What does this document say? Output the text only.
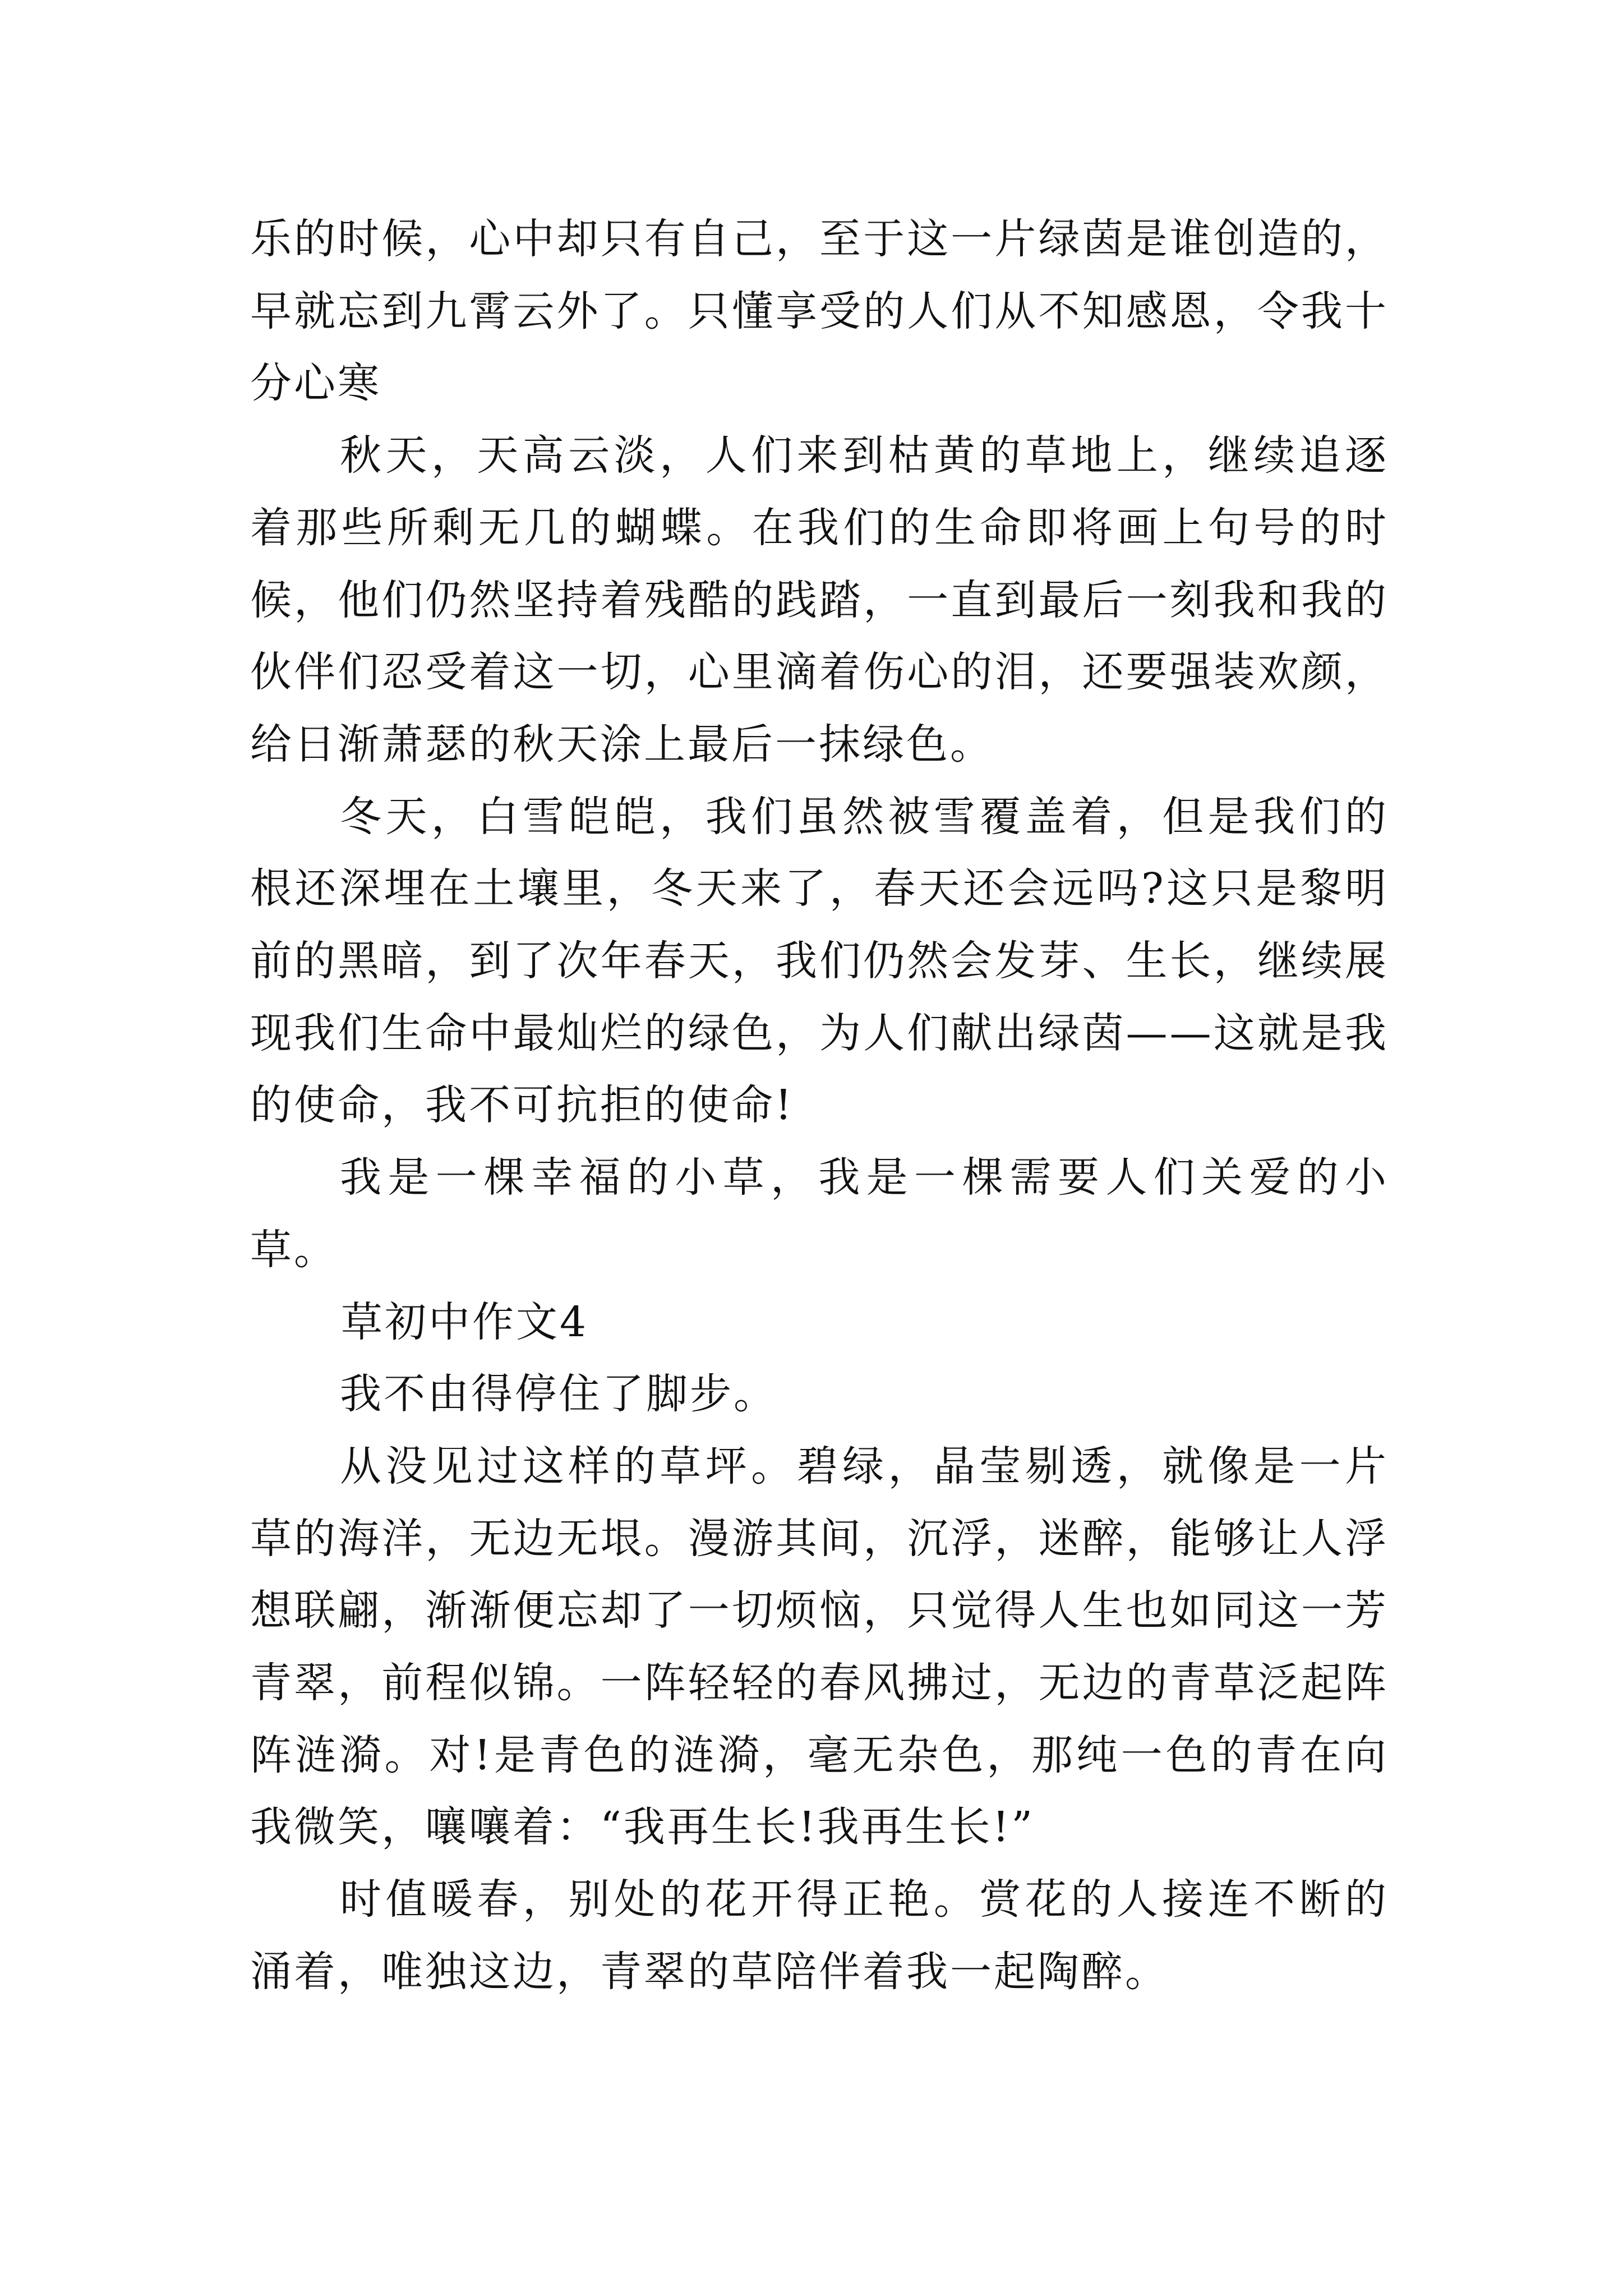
乐的时候，心中却只有自己，至于这一片绿茵是谁创造的，早就忘到九霄云外了。只懂享受的人们从不知感恩，令我十分心寒

秋天，天高云淡，人们来到枯黄的草地上，继续追逐着那些所剩无几的蝴蝶。在我们的生命即将画上句号的时候，他们仍然坚持着残酷的践踏，一直到最后一刻我和我的伙伴们忍受着这一切，心里滴着伤心的泪，还要强装欢颜，给日渐萧瑟的秋天涂上最后一抹绿色。

冬天，白雪皑皑，我们虽然被雪覆盖着，但是我们的根还深埋在土壤里，冬天来了，春天还会远吗?这只是黎明前的黑暗，到了次年春天，我们仍然会发芽、生长，继续展现我们生命中最灿烂的绿色，为人们献出绿茵——这就是我的使命，我不可抗拒的使命!

我是一棵幸福的小草，我是一棵需要人们关爱的小草。

草初中作文4

我不由得停住了脚步。

从没见过这样的草坪。碧绿，晶莹剔透，就像是一片草的海洋，无边无垠。漫游其间，沉浮，迷醉，能够让人浮想联翩，渐渐便忘却了一切烦恼，只觉得人生也如同这一芳青翠，前程似锦。一阵轻轻的春风拂过，无边的青草泛起阵阵涟漪。对!是青色的涟漪，毫无杂色，那纯一色的青在向我微笑，嚷嚷着：“我再生长!我再生长!”

时值暖春，别处的花开得正艳。赏花的人接连不断的涌着，唯独这边，青翠的草陪伴着我一起陶醉。
